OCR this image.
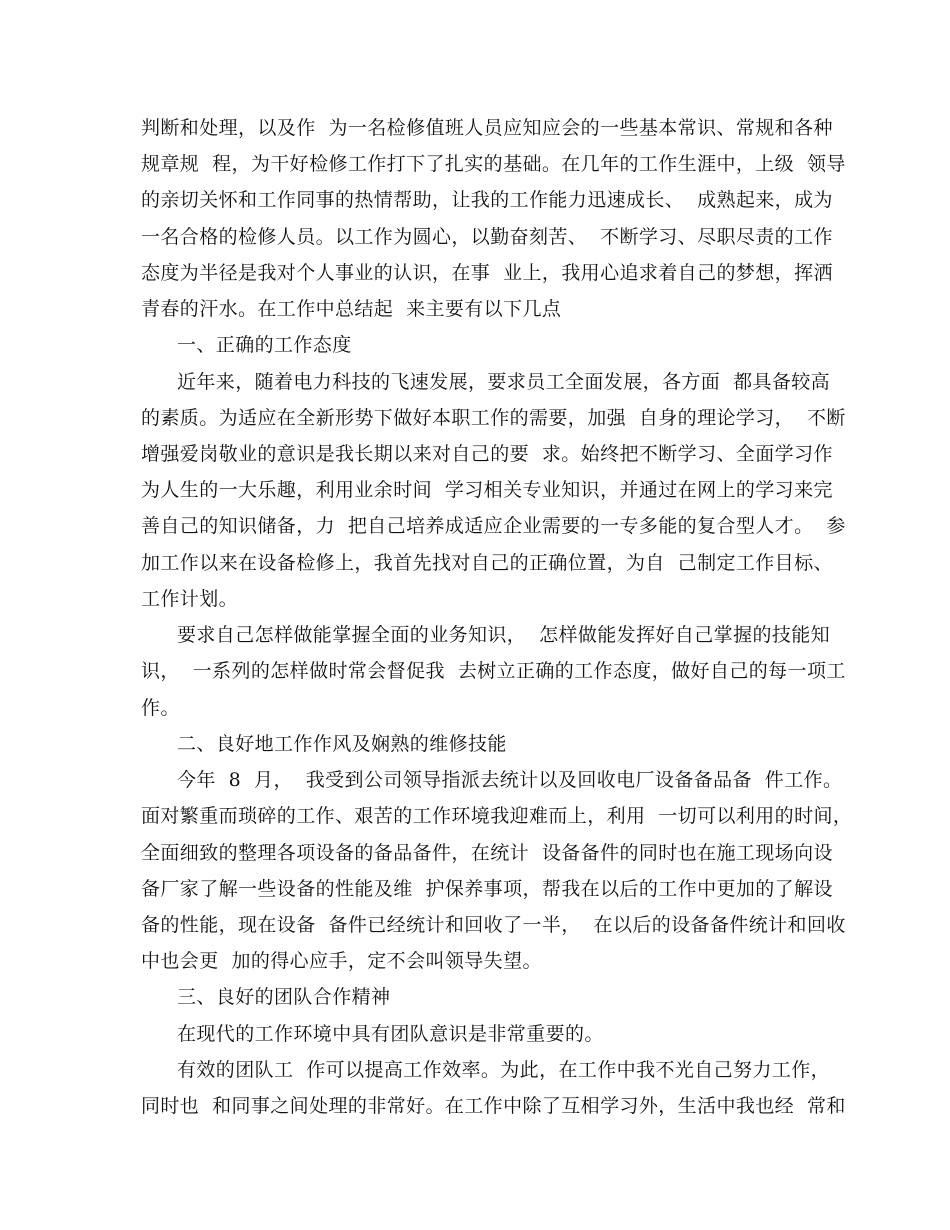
判断和处理，以及作  为一名检修值班人员应知应会的一些基本常识、常规和各种
规章规  程，为干好检修工作打下了扎实的基础。在几年的工作生涯中，上级  领导
的亲切关怀和工作同事的热情帮助，让我的工作能力迅速成长、  成熟起来，成为
一名合格的检修人员。以工作为圆心，以勤奋刻苦、  不断学习、尽职尽责的工作
态度为半径是我对个人事业的认识，在事  业上，我用心追求着自己的梦想，挥洒
青春的汗水。在工作中总结起  来主要有以下几点
一、正确的工作态度
近年来，随着电力科技的飞速发展，要求员工全面发展，各方面  都具备较高
的素质。为适应在全新形势下做好本职工作的需要，加强  自身的理论学习，  不断
增强爱岗敬业的意识是我长期以来对自己的要  求。始终把不断学习、全面学习作
为人生的一大乐趣，利用业余时间  学习相关专业知识，并通过在网上的学习来完
善自己的知识储备，力  把自己培养成适应企业需要的一专多能的复合型人才。  参
加工作以来在设备检修上，我首先找对自己的正确位置，为自  己制定工作目标、
工作计划。
要求自己怎样做能掌握全面的业务知识，  怎样做能发挥好自己掌握的技能知
识，  一系列的怎样做时常会督促我  去树立正确的工作态度，做好自己的每一项工
作。
二、良好地工作作风及娴熟的维修技能
今年  8  月，  我受到公司领导指派去统计以及回收电厂设备备品备  件工作。
面对繁重而琐碎的工作、艰苦的工作环境我迎难而上，利用  一切可以利用的时间，
全面细致的整理各项设备的备品备件，在统计  设备备件的同时也在施工现场向设
备厂家了解一些设备的性能及维  护保养事项，帮我在以后的工作中更加的了解设
备的性能，现在设备  备件已经统计和回收了一半，  在以后的设备备件统计和回收
中也会更  加的得心应手，定不会叫领导失望。
三、良好的团队合作精神
在现代的工作环境中具有团队意识是非常重要的。
有效的团队工  作可以提高工作效率。为此，在工作中我不光自己努力工作，
同时也  和同事之间处理的非常好。在工作中除了互相学习外，生活中我也经  常和
